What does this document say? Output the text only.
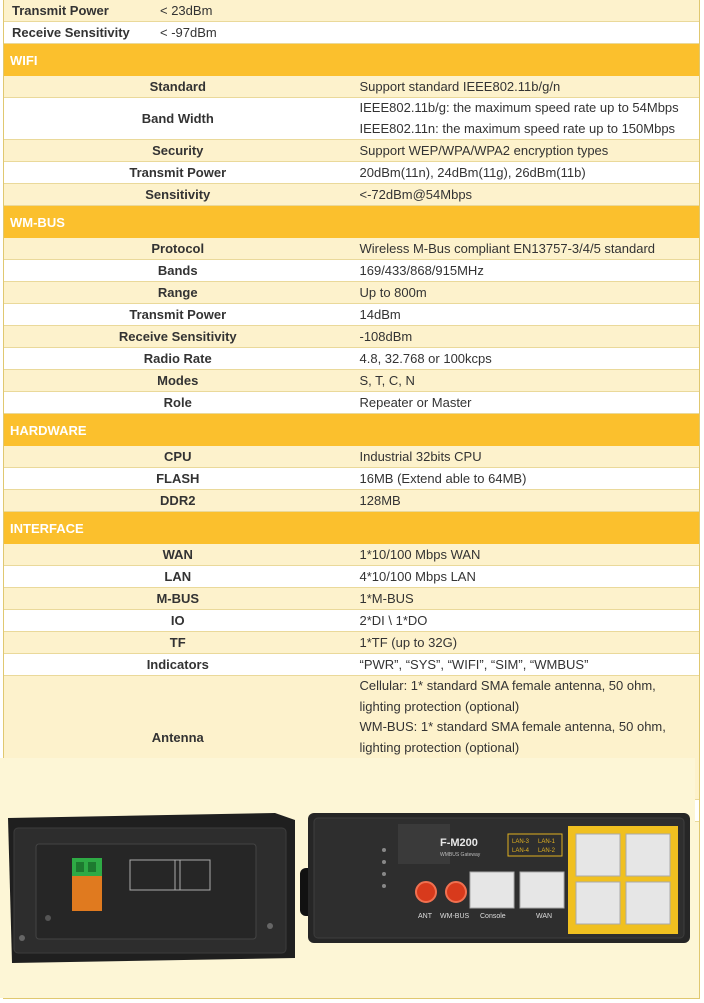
Transmit Power	< 23dBm
Receive Sensitivity	< -97dBm
WIFI	
Standard	Support standard IEEE802.11b/g/n

Band Width	IEEE802.11b/g: the maximum speed rate up to 54Mbps
IEEE802.11n: the maximum speed rate up to 150Mbps

Security	Support WEP/WPA/WPA2 encryption types

Transmit Power	20dBm(11n), 24dBm(11g), 26dBm(11b)

Sensitivity	<-72dBm@54Mbps

WM-BUS	
Protocol	Wireless M-Bus compliant EN13757-3/4/5 standard

Bands	169/433/868/915MHz

Range	Up to 800m

Transmit Power	14dBm

Receive Sensitivity	-108dBm

Radio Rate	4.8, 32.768 or 100kcps

Modes	S, T, C, N

Role	Repeater or Master

HARDWARE	
CPU	Industrial 32bits CPU

FLASH	16MB (Extend able to 64MB)

DDR2	128MB

INTERFACE	
WAN	1*10/100 Mbps WAN

LAN	4*10/100 Mbps LAN

M-BUS	1*M-BUS

IO	2*DI \ 1*DO

TF	1*TF (up to 32G)

Indicators	“PWR”, “SYS”, “WIFI”, “SIM”, “WMBUS”

Antenna	Cellular: 1* standard SMA female antenna, 50 ohm, lighting protection (optional)
WM-BUS: 1* standard SMA female antenna, 50 ohm, lighting protection (optional)

F-M200
WMBUS Gateway
LAN-3 LAN-1
LAN-4 LAN-2
ANT WM-BUS Console	WAN
